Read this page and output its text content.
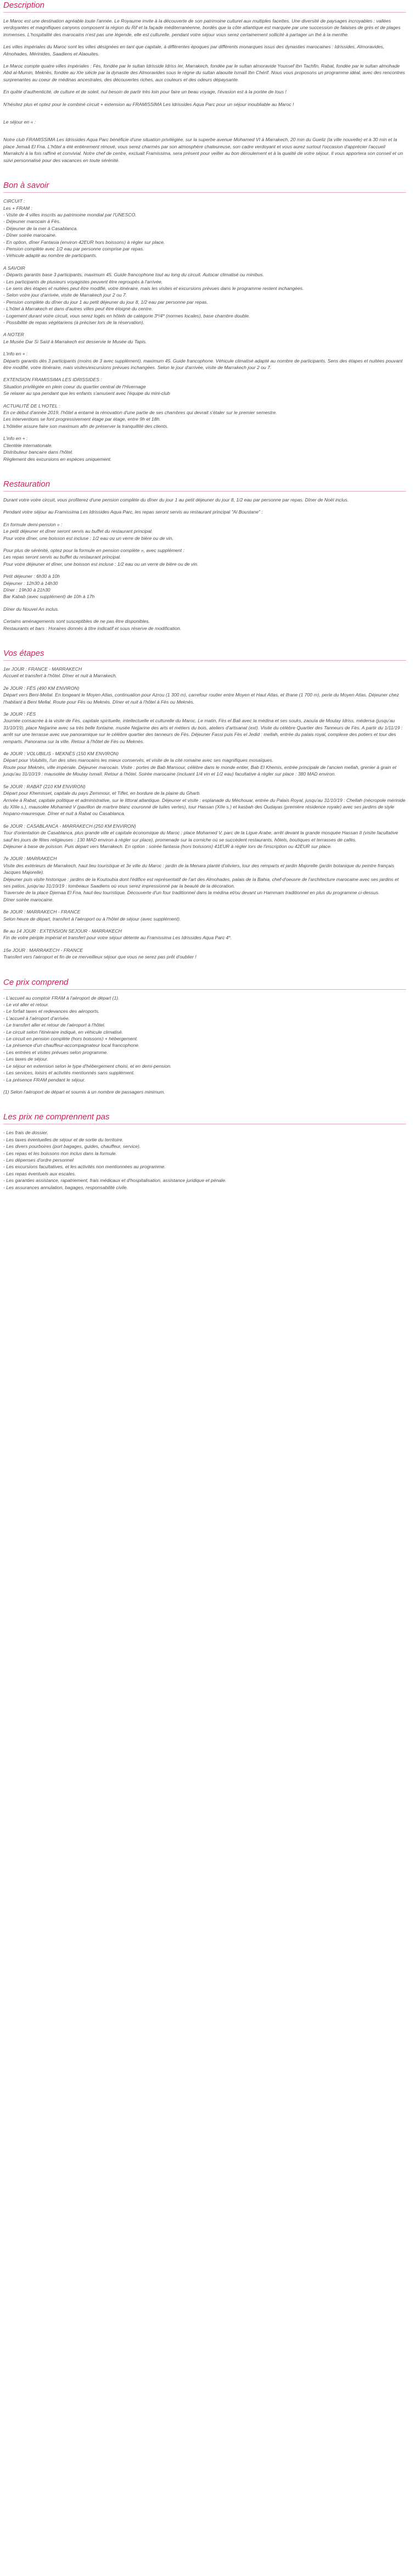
Description

Le Maroc est une destination agréable toute l'année. Le Royaume invite à la découverte de son patrimoine culturel aux multiples facettes. Une diversité de paysages incroyables : vallées verdoyantes et magnifiques canyons composent la région du Rif et la façade méditerranéenne, bordés que la côte atlantique est marquée par une succession de falaises de grès et de plages immenses. L'hospitalité des marocains n'est pas une légende, elle est culturelle, pendant votre séjour vous serez certainement sollicité à partager un thé à la menthe.

Les villes impériales du Maroc sont les villes désignées en tant que capitale, à différentes époques par différents monarques issus des dynasties marocaines : Idrissides, Almoravides, Almohades, Mérinides, Saadiens et Alaouites.

Le Maroc compte quatre villes impériales : Fès, fondée par le sultan Idrisside Idriss Ier, Marrakech, fondée par le sultan almoravide Youssef Ibn Tachfin, Rabat, fondée par le sultan almohade Abd al-Mumin, Meknès, fondée au XIe siècle par la dynastie des Almoravides sous le règne du sultan alaouite Ismaïl Ibn Chérif. Nous vous proposons un programme idéal, avec des rencontres surprenantes au coeur de médinas ancestrales, des découvertes riches, aux couleurs et des odeurs dépaysante.

En quête d'authenticité, de culture et de soleil, nul besoin de partir très loin pour faire un beau voyage, l'évasion est à la portée de tous !

N'hésitez plus et optez pour le combiné circuit + extension au FRAMISSIMA Les Idrissides Aqua Parc pour un séjour inoubliable au Maroc !

Le séjour en « :

Notre club FRAMISSIMA Les Idrissides Aqua Parc bénéficie d'une situation privilégiée, sur la superbe avenue Mohamed VI à Marrakech, 20 min du Gueliz (la ville nouvelle) et à 30 min et la place Jemaâ El Fna. L'hôtel a été entièrement rénové, vous serez charmés par son atmosphère chaleureuse, son cadre verdoyant et vous aurez surtout l'occasion d'apprécier l'accueil Marrakchi à la fois raffiné et convivial. Notre chef de centre, excluait Framissima, sera présent pour veiller au bon déroulement et à la qualité de votre séjour. Il vous apportera son conseil et un suivi personnalisé pour des vacances en toute sérénité.

Bon à savoir

CIRCUIT :
Les + FRAM :
- Visite de 4 villes inscrits au patrimoine mondial par l'UNESCO.
- Déjeuner marocain à Fès.
- Déjeuner de la mer à Casablanca.
- Dîner soirée marocaine.
- En option, dîner Fantasia (environ 42EUR hors boissons) à régler sur place.
- Pension complète avec 1/2 eau par personne comprise par repas.
- Véhicule adapté au nombre de participants.

A SAVOIR
- Départs garantis base 3 participants, maximum 45. Guide francophone tout au long du circuit. Autocar climatisé ou minibus.
- Les participants de plusieurs voyagistes peuvent être regroupés à l'arrivée.
- Le sens des étapes et nuitées peut être modifié, votre itinéraire, mais les visites et excursions prévues dans le programme restent inchangées.
- Selon votre jour d'arrivée, visite de Marrakech jour 2 ou 7.
- Pension complète du dîner du jour 1 au petit déjeuner du jour 8, 1/2 eau par personne par repas.
- L'hôtel à Marrakech et dans d'autres villes peut être éloigné du centre.
- Logement durant votre circuit, vous serez logés en hôtels de catégorie 3*/4* (normes locales), base chambre double.
- Possibilité de repas végétariens (à préciser lors de la réservation).

A NOTER
Le Musée Dar Si Saïd à Marrakech est desservie le Musée du Tapis.

L'info en + :
Départs garantis dès 3 participants (moins de 3 avec supplément), maximum 45. Guide francophone. Véhicule climatisé adapté au nombre de participants. Sens des étapes et nuitées pouvant être modifié, votre itinéraire, mais visites/excursions prévues inchangées. Selon le jour d'arrivée, visite de Marrakech jour 2 ou 7.

EXTENSION FRAMISSIMA LES IDRISSIDES :
Situation privilégiée en plein coeur du quartier central de l'Hivernage
Se relaxer au spa pendant que les enfants s'amusent avec l'équipe du mini-club

ACTUALITÉ DE L'HOTEL :
En ce début d'année 2019, l'hôtel a entamé la rénovation d'une partie de ses chambres qui devrait s'étaler sur le premier semestre.
Les interventions se font progressivement étage par étage, entre 9h et 18h.
L'hôtelier assure faire son maximum afin de préserver la tranquillité des clients.

L'info en + :
Clientèle internationale.
Distributeur bancaire dans l'hôtel.
Règlement des excursions en espèces uniquement.

Restauration

Durant votre votre circuit, vous profiterez d'une pension complète du dîner du jour 1 au petit déjeuner du jour 8, 1/2 eau par personne par repas. Dîner de Noël inclus.

Pendant votre séjour au Framissima Les Idrissides Aqua Parc, les repas seront servis au restaurant principal "Al Boustane" :

En formule demi-pension » :
Le petit déjeuner et dîner seront servis au buffet du restaurant principal.
Pour votre dîner, une boisson est incluse : 1/2 eau ou un verre de bière ou de vin.

Pour plus de sérénité, optez pour la formule en pension complète », avec supplément :
Les repas seront servis au buffet du restaurant principal.
Pour votre déjeuner et dîner, une boisson est incluse : 1/2 eau ou un verre de bière ou de vin.

Petit déjeuner : 6h30 à 10h
Déjeuner : 12h30 à 14h30
Dîner : 19h30 à 21h30
Bar Kabab (avec supplément) de 10h à 17h

Dîner du Nouvel An inclus.

Certains aménagements sont susceptibles de ne pas être disponibles.
Restaurants et bars : Horaires donnés à titre indicatif et sous réserve de modification.

Vos étapes

1er JOUR : FRANCE - MARRAKECH
Accueil et transfert à l'hôtel. Dîner et nuit à Marrakech.

2e JOUR : FÈS (490 KM ENVIRON)
Départ vers Beni-Mellal. En longeant le Moyen Atlas, continuation pour Azrou (1 300 m), carrefour routier entre Moyen et Haut Atlas, et Ifrane (1 700 m), perle du Moyen Atlas. Déjeuner chez l'habitant à Beni Mellal. Route pour Fès ou Meknès. Dîner et nuit à l'hôtel à Fès ou Meknès.

3e JOUR : FÈS
Journée consacrée à la visite de Fès, capitale spirituelle, intellectuelle et culturelle du Maroc. Le matin, Fès el Bali avec la médina et ses souks, zaouïa de Moulay Idriss, médersa (jusqu'au 31/10/19), place Nejjarine avec sa très belle fontaine, musée Nejjarine des arts et métiers du bois, ateliers d'artisanat (ext). Visite du célèbre Quartier des Tanneurs de Fès. A partir du 1/11/19 : arrêt sur une terrasse avec vue panoramique sur le célèbre quartier des tanneurs de Fès. Déjeuner Fassi puis Fès el Jedid : mellah, entrée du palais royal, complexe des potiers et tour des remparts. Panorama sur la ville. Retour à l'hôtel de Fès ou Meknès.

4e JOUR : VOLUBILIS - MEKNÈS (150 KM ENVIRON)
Départ pour Volubilis, l'un des sites marocains les mieux conservés, et visite de la cité romaine avec ses magnifiques mosaïques.
Route pour Meknès, ville impériale. Déjeuner marocain. Visite : portes de Bab Mansour, célèbre dans le monde entier, Bab El Khemis, entrée principale de l'ancien mellah, grenier à grain et jusqu'au 31/10/19 : mausolée de Moulay Ismaïl. Retour à l'hôtel. Soirée marocaine (incluant 1/4 vin et 1/2 eau) facultative à régler sur place : 380 MAD environ.

5e JOUR : RABAT (210 KM ENVIRON)
Départ pour Khemisset, capitale du pays Zemmour, et Tiflet, en bordure de la plaine du Gharb.
Arrivée à Rabat, capitale politique et administrative, sur le littoral atlantique. Déjeuner et visite : esplanade du Méchouar, entrée du Palais Royal, jusqu'au 31/10/19 : Chellah (nécropole mérinide du XIIIe s.), mausolée Mohamed V (pavillon de marbre blanc couronné de tuiles vertes), tour Hassan (XIIe s.) et kasbah des Oudayas (première résidence royale) avec ses jardins de style hispano-mauresque. Dîner et nuit à Rabat ou Casablanca.

6e JOUR : CASABLANCA - MARRAKECH (250 KM ENVIRON)
Tour d'orientation de Casablanca, plus grande ville et capitale économique du Maroc : place Mohamed V, parc de la Ligue Arabe, arrêt devant la grande mosquée Hassan II (visite facultative sauf les jours de fêtes religieuses : 130 MAD environ à régler sur place), promenade sur la corniche où se succèdent restaurants, hôtels, boutiques et terrasses de cafés.
Déjeuner à base de poisson. Puis départ vers Marrakech. En option : soirée fantasia (hors boissons) 41EUR à régler lors de l'inscription ou 42EUR sur place.

7e JOUR : MARRAKECH
Visite des extérieurs de Marrakech, haut lieu touristique et 3e ville du Maroc : jardin de la Menara planté d'oliviers, tour des remparts et jardin Majorelle (jardin botanique du peintre français Jacques Majorelle).
Déjeuner puis visite historique : jardins de la Koutoubia dont l'édifice est représentatif de l'art des Almohades, palais de la Bahia, chef-d'oeuvre de l'architecture marocaine avec ses jardins et ses patios, jusqu'au 31/10/19 : tombeaux Saadiens où vous serez impressionné par la beauté de la décoration.
Traversée de la place Djemaa El Fna, haut-lieu touristique. Découverte d'un four traditionnel dans la médina et/ou devant un Hammam traditionnel en plus du programme ci-dessus.
Dîner soirée marocaine.

8e JOUR : MARRAKECH - FRANCE
Selon heure de départ, transfert à l'aéroport ou à l'hôtel de séjour (avec supplément).

8e au 14 JOUR : EXTENSION SEJOUR - MARRAKECH
Fin de votre périple impérial et transfert pour votre séjour détente au Framissima Les Idrissides Aqua Parc 4*.

15e JOUR : MARRAKECH - FRANCE
Transfert vers l'aéroport et fin de ce merveilleux séjour que vous ne serez pas prêt d'oublier !

Ce prix comprend
- L'accueil au comptoir FRAM à l'aéroport de départ (1).
- Le vol aller et retour.
- Le forfait taxes et redevances des aéroports.
- L'accueil à l'aéroport d'arrivée.
- Le transfert aller et retour de l'aéroport à l'hôtel.
- Le circuit selon l'itinéraire indiqué, en véhicule climatisé.
- Le circuit en pension complète (hors boissons) + hébergement.
- La présence d'un chauffeur-accompagnateur local francophone.
- Les entrées et visites prévues selon programme.
- Les taxes de séjour.
- Le séjour en extension selon le type d'hébergement choisi, et en demi-pension.
- Les services, loisirs et activités mentionnés sans supplément.
- La présence FRAM pendant le séjour.
(1) Selon l'aéroport de départ et soumis à un nombre de passagers minimum.
Les prix ne comprennent pas
- Les frais de dossier.
- Les taxes éventuelles de séjour et de sortie du territoire.
- Les divers pourboires (port bagages, guides, chauffeur, service).
- Les repas et les boissons non inclus dans la formule.
- Les dépenses d'ordre personnel
- Les excursions facultatives, et les activités non mentionnées au programme.
- Les repas éventuels aux escales.
- Les garanties assistance, rapatriement, frais médicaux et d'hospitalisation, assistance juridique et pénale.
- Les assurances annulation, bagages, responsabilité civile.
